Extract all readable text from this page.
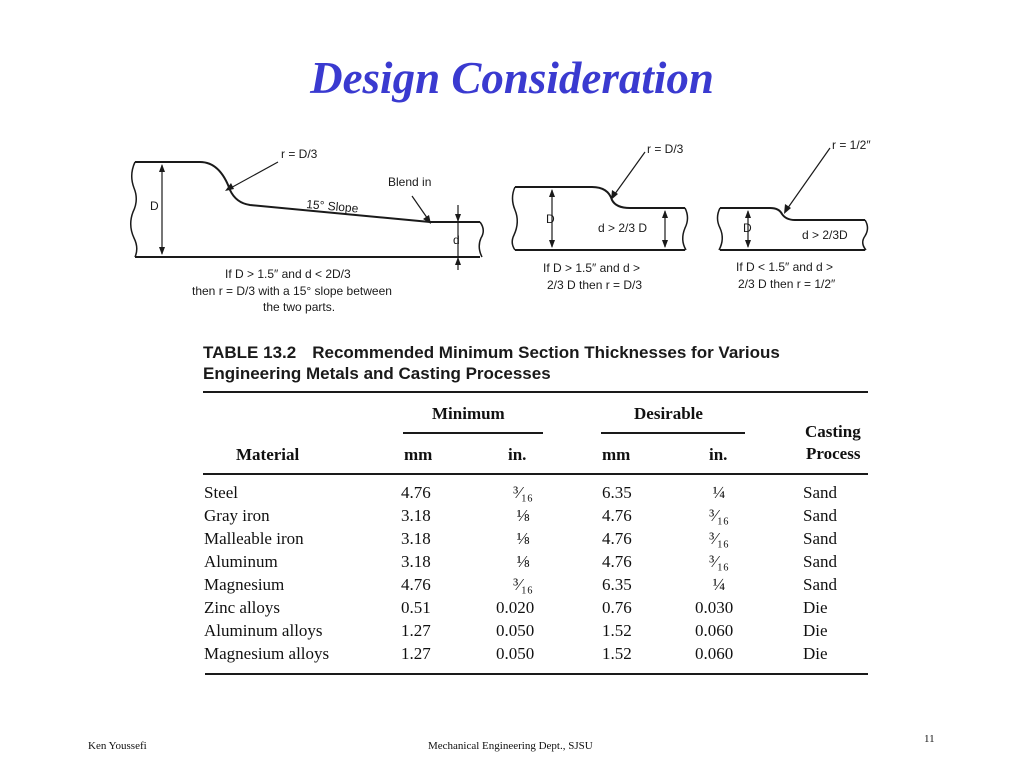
Design Consideration
r = D/3
15° Slope
Blend in
D
d
If D > 1.5″ and d < 2D/3
then r = D/3 with a 15° slope between
the two parts.
r = D/3
D
d > 2/3 D
If D > 1.5″ and d >
2/3 D then r = D/3
r = 1/2″
D	d > 2/3D
If D < 1.5″ and d >
2/3 D then r = 1/2″
TABLE 13.2 Recommended Minimum Section Thicknesses for Various
Engineering Metals and Casting Processes
Minimum	Desirable
Casting
Process
Material	mm	in.	mm	in.
Steel	4.76	³⁄₁₆	6.35	¼	Sand
Gray iron	3.18	⅛	4.76	³⁄₁₆	Sand
Malleable iron	3.18	⅛	4.76	³⁄₁₆	Sand
Aluminum	3.18	⅛	4.76	³⁄₁₆	Sand
Magnesium	4.76	³⁄₁₆	6.35	¼	Sand
Zinc alloys	0.51	0.020	0.76	0.030	Die
Aluminum alloys	1.27	0.050	1.52	0.060	Die
Magnesium alloys	1.27	0.050	1.52	0.060	Die
Ken Youssefi	Mechanical Engineering Dept., SJSU
11
